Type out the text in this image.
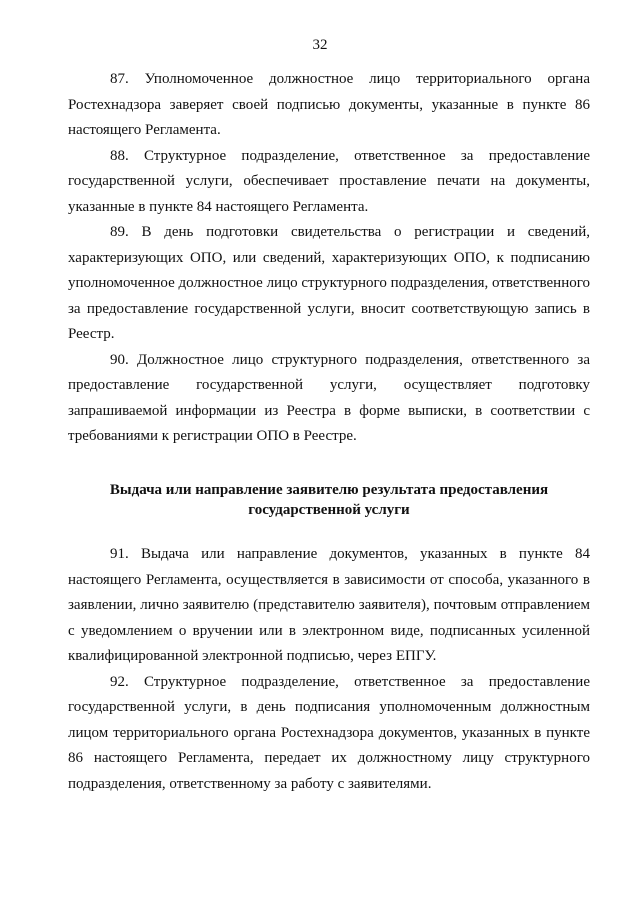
32

87. Уполномоченное должностное лицо территориального органа Ростехнадзора заверяет своей подписью документы, указанные в пункте 86 настоящего Регламента.

88. Структурное подразделение, ответственное за предоставление государственной услуги, обеспечивает проставление печати на документы, указанные в пункте 84 настоящего Регламента.

89. В день подготовки свидетельства о регистрации и сведений, характеризующих ОПО, или сведений, характеризующих ОПО, к подписанию уполномоченное должностное лицо структурного подразделения, ответственного за предоставление государственной услуги, вносит соответствующую запись в Реестр.

90. Должностное лицо структурного подразделения, ответственного за предоставление государственной услуги, осуществляет подготовку запрашиваемой информации из Реестра в форме выписки, в соответствии с требованиями к регистрации ОПО в Реестре.

Выдача или направление заявителю результата предоставления государственной услуги

91. Выдача или направление документов, указанных в пункте 84 настоящего Регламента, осуществляется в зависимости от способа, указанного в заявлении, лично заявителю (представителю заявителя), почтовым отправлением с уведомлением о вручении или в электронном виде, подписанных усиленной квалифицированной электронной подписью, через ЕПГУ.

92. Структурное подразделение, ответственное за предоставление государственной услуги, в день подписания уполномоченным должностным лицом территориального органа Ростехнадзора документов, указанных в пункте 86 настоящего Регламента, передает их должностному лицу структурного подразделения, ответственному за работу с заявителями.
